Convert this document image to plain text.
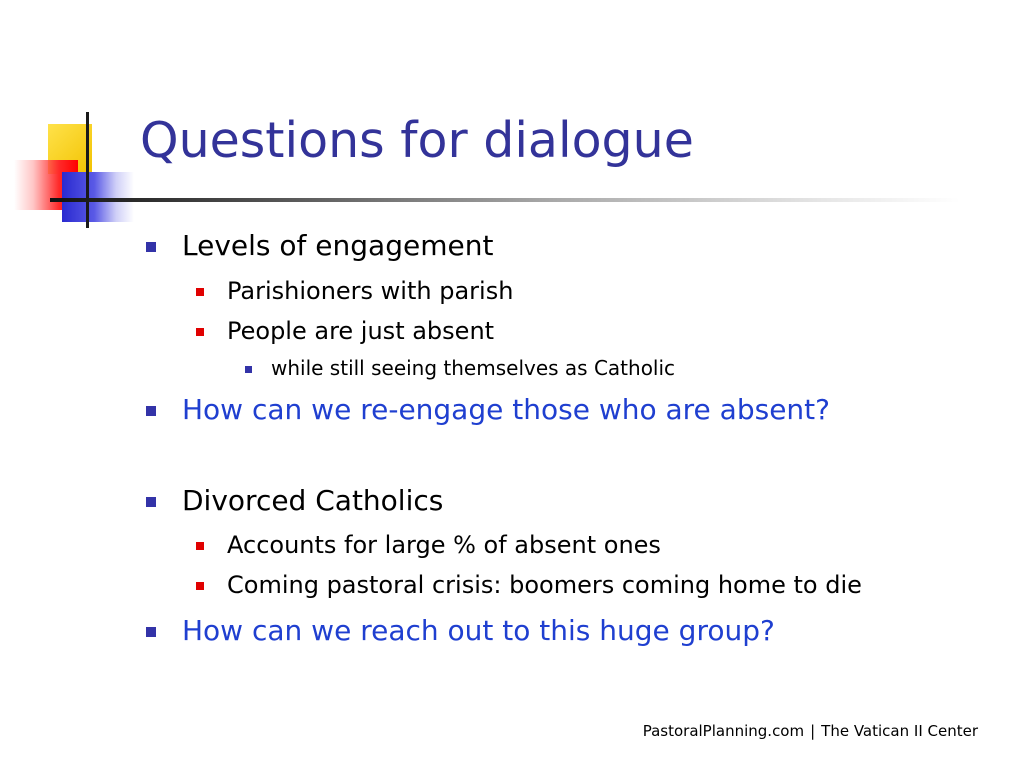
Questions for dialogue
Levels of engagement
Parishioners with parish
People are just absent
while still seeing themselves as Catholic
How can we re-engage those who are absent?
Divorced Catholics
Accounts for large % of absent ones
Coming pastoral crisis: boomers coming home to die
How can we reach out to this huge group?
PastoralPlanning.com | The Vatican II Center
